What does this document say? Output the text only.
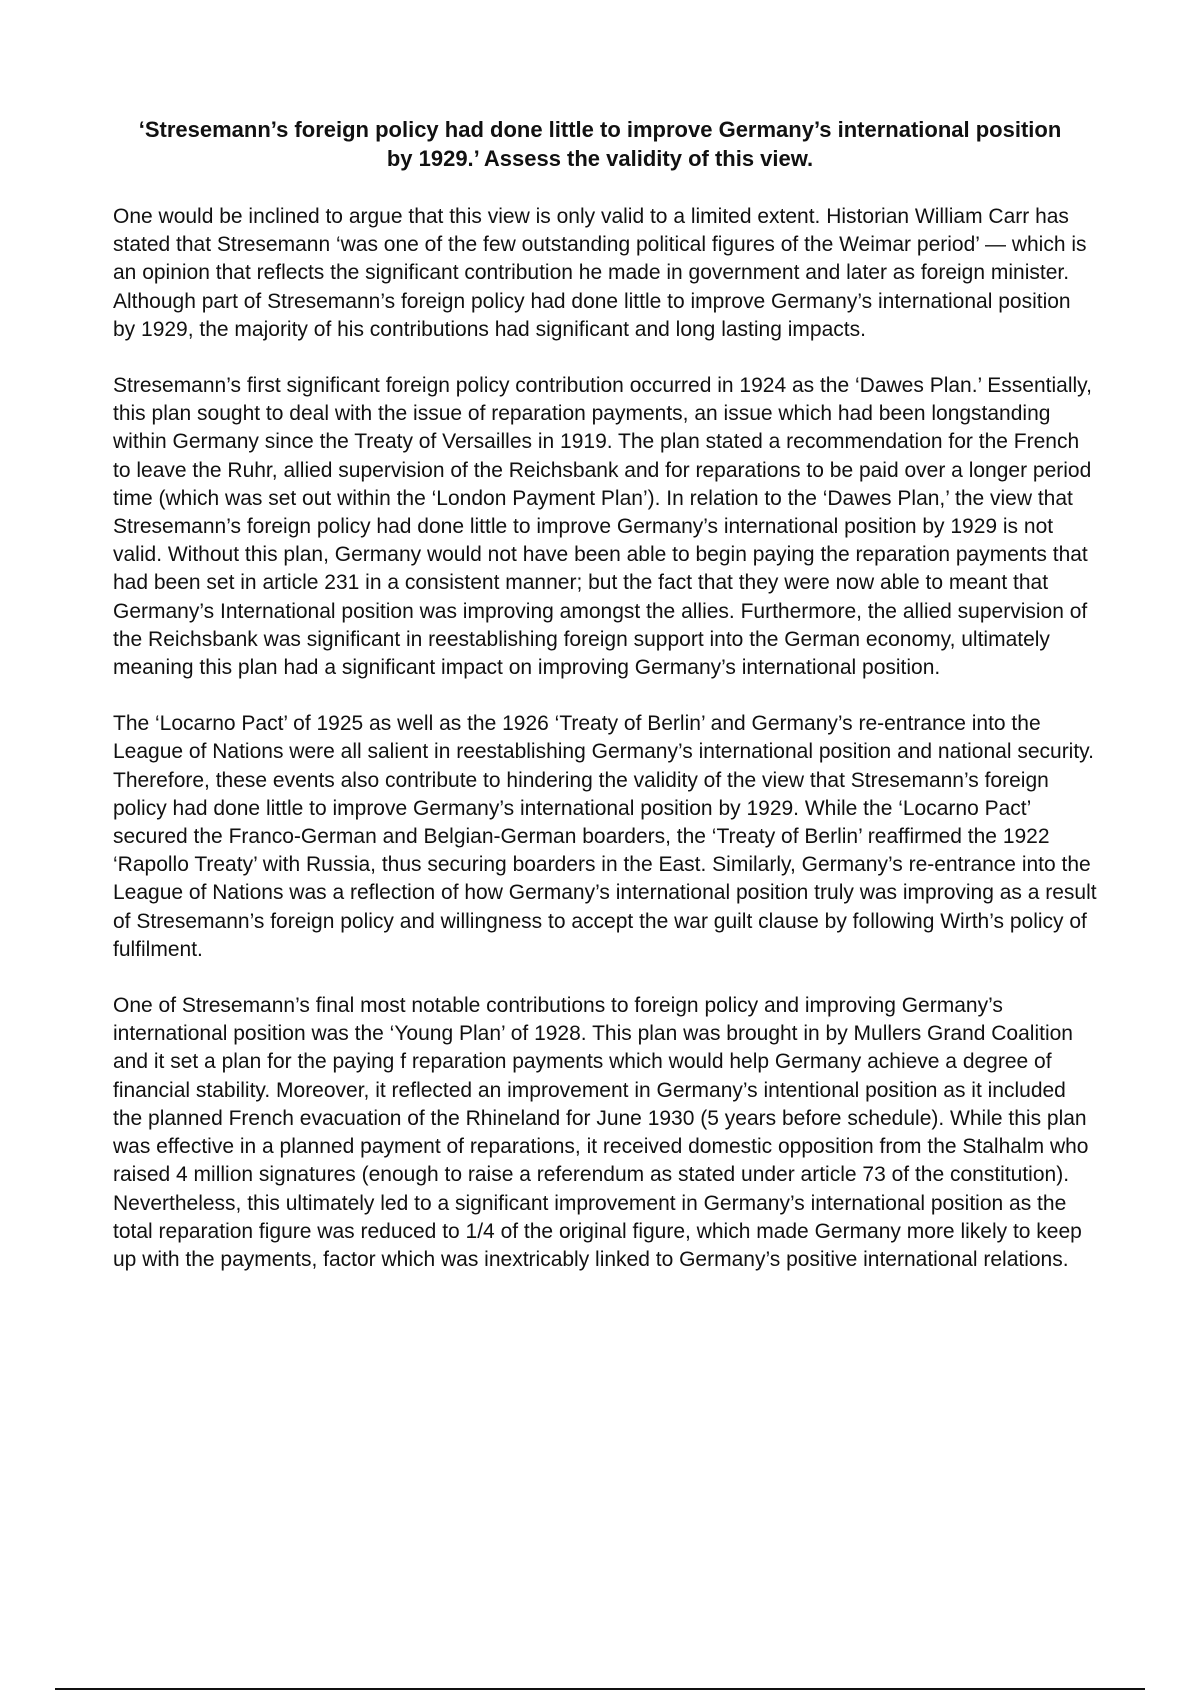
‘Stresemann’s foreign policy had done little to improve Germany’s international position by 1929.’ Assess the validity of this view.

One would be inclined to argue that this view is only valid to a limited extent. Historian William Carr has stated that Stresemann ‘was one of the few outstanding political figures of the Weimar period’ — which is an opinion that reflects the significant contribution he made in government and later as foreign minister. Although part of Stresemann’s foreign policy had done little to improve Germany’s international position by 1929, the majority of his contributions had significant and long lasting impacts.

Stresemann’s first significant foreign policy contribution occurred in 1924 as the ‘Dawes Plan.’ Essentially, this plan sought to deal with the issue of reparation payments, an issue which had been longstanding within Germany since the Treaty of Versailles in 1919. The plan stated a recommendation for the French to leave the Ruhr, allied supervision of the Reichsbank and for reparations to be paid over a longer period time (which was set out within the ‘London Payment Plan’). In relation to the ‘Dawes Plan,’ the view that Stresemann’s foreign policy had done little to improve Germany’s international position by 1929 is not valid. Without this plan, Germany would not have been able to begin paying the reparation payments that had been set in article 231 in a consistent manner; but the fact that they were now able to meant that Germany’s International position was improving amongst the allies. Furthermore, the allied supervision of the Reichsbank was significant in reestablishing foreign support into the German economy, ultimately meaning this plan had a significant impact on improving Germany’s international position.

The ‘Locarno Pact’ of 1925 as well as the 1926 ‘Treaty of Berlin’ and Germany’s re-entrance into the League of Nations were all salient in reestablishing Germany’s international position and national security. Therefore, these events also contribute to hindering the validity of the view that Stresemann’s foreign policy had done little to improve Germany’s international position by 1929. While the ‘Locarno Pact’ secured the Franco-German and Belgian-German boarders, the ‘Treaty of Berlin’ reaffirmed the 1922 ‘Rapollo Treaty’ with Russia, thus securing boarders in the East. Similarly, Germany’s re-entrance into the League of Nations was a reflection of how Germany’s international position truly was improving as a result of Stresemann’s foreign policy and willingness to accept the war guilt clause by following Wirth’s policy of fulfilment.

One of Stresemann’s final most notable contributions to foreign policy and improving Germany’s international position was the ‘Young Plan’ of 1928. This plan was brought in by Mullers Grand Coalition and it set a plan for the paying f reparation payments which would help Germany achieve a degree of financial stability. Moreover, it reflected an improvement in Germany’s intentional position as it included the planned French evacuation of the Rhineland for June 1930 (5 years before schedule). While this plan was effective in a planned payment of reparations, it received domestic opposition from the Stalhalm who raised 4 million signatures (enough to raise a referendum as stated under article 73 of the constitution). Nevertheless, this ultimately led to a significant improvement in Germany’s international position as the total reparation figure was reduced to 1/4 of the original figure, which made Germany more likely to keep up with the payments, factor which was inextricably linked to Germany’s positive international relations.
